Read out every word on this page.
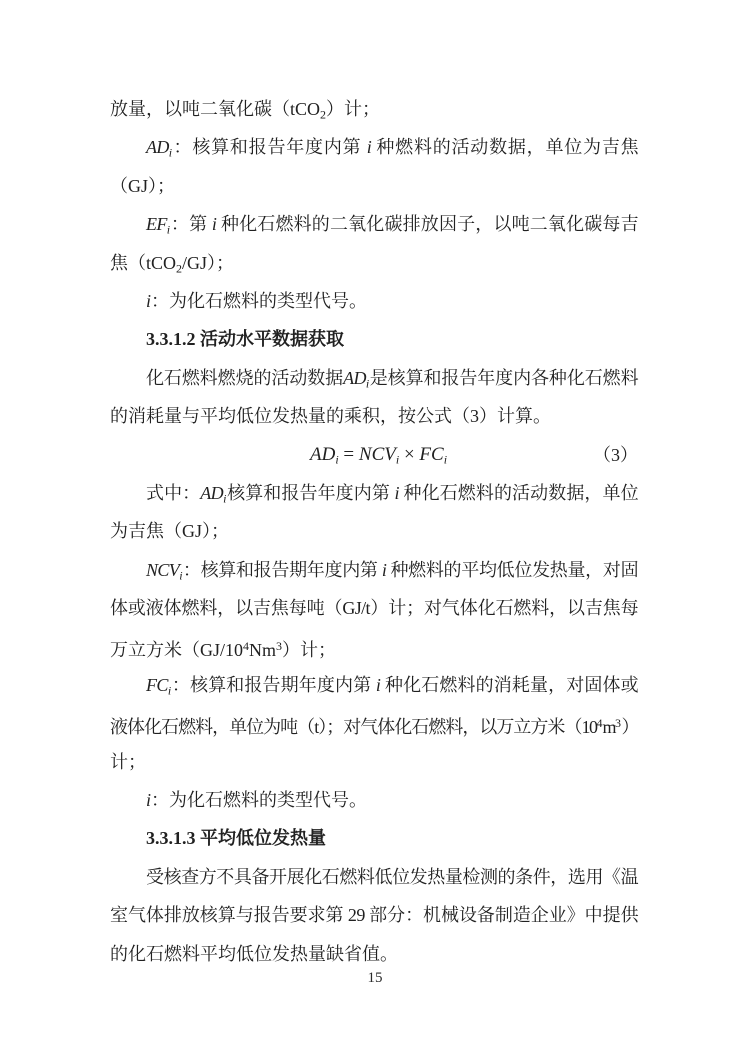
放量，以吨二氧化碳（tCO2）计；
ADi：核算和报告年度内第 i 种燃料的活动数据，单位为吉焦
（GJ）；
EFi：第 i 种化石燃料的二氧化碳排放因子，以吨二氧化碳每吉
焦（tCO2/GJ）；
i：为化石燃料的类型代号。
3.3.1.2 活动水平数据获取
化石燃料燃烧的活动数据ADi是核算和报告年度内各种化石燃料
的消耗量与平均低位发热量的乘积，按公式（3）计算。
ADi = NCVi × FCi	（3）
式中：ADi核算和报告年度内第 i 种化石燃料的活动数据，单位
为吉焦（GJ）；
NCVi：核算和报告期年度内第 i 种燃料的平均低位发热量，对固
体或液体燃料，以吉焦每吨（GJ/t）计；对气体化石燃料，以吉焦每
万立方米$(GJ/10^4Nm^3)$计；
FCi：核算和报告期年度内第 i 种化石燃料的消耗量，对固体或
液体化石燃料，单位为吨（t）；对气体化石燃料，以万立方米$(10^4m^3)$
计；
i：为化石燃料的类型代号。
3.3.1.3 平均低位发热量
受核查方不具备开展化石燃料低位发热量检测的条件，选用《温
室气体排放核算与报告要求第 29 部分：机械设备制造企业》中提供
的化石燃料平均低位发热量缺省值。
15
